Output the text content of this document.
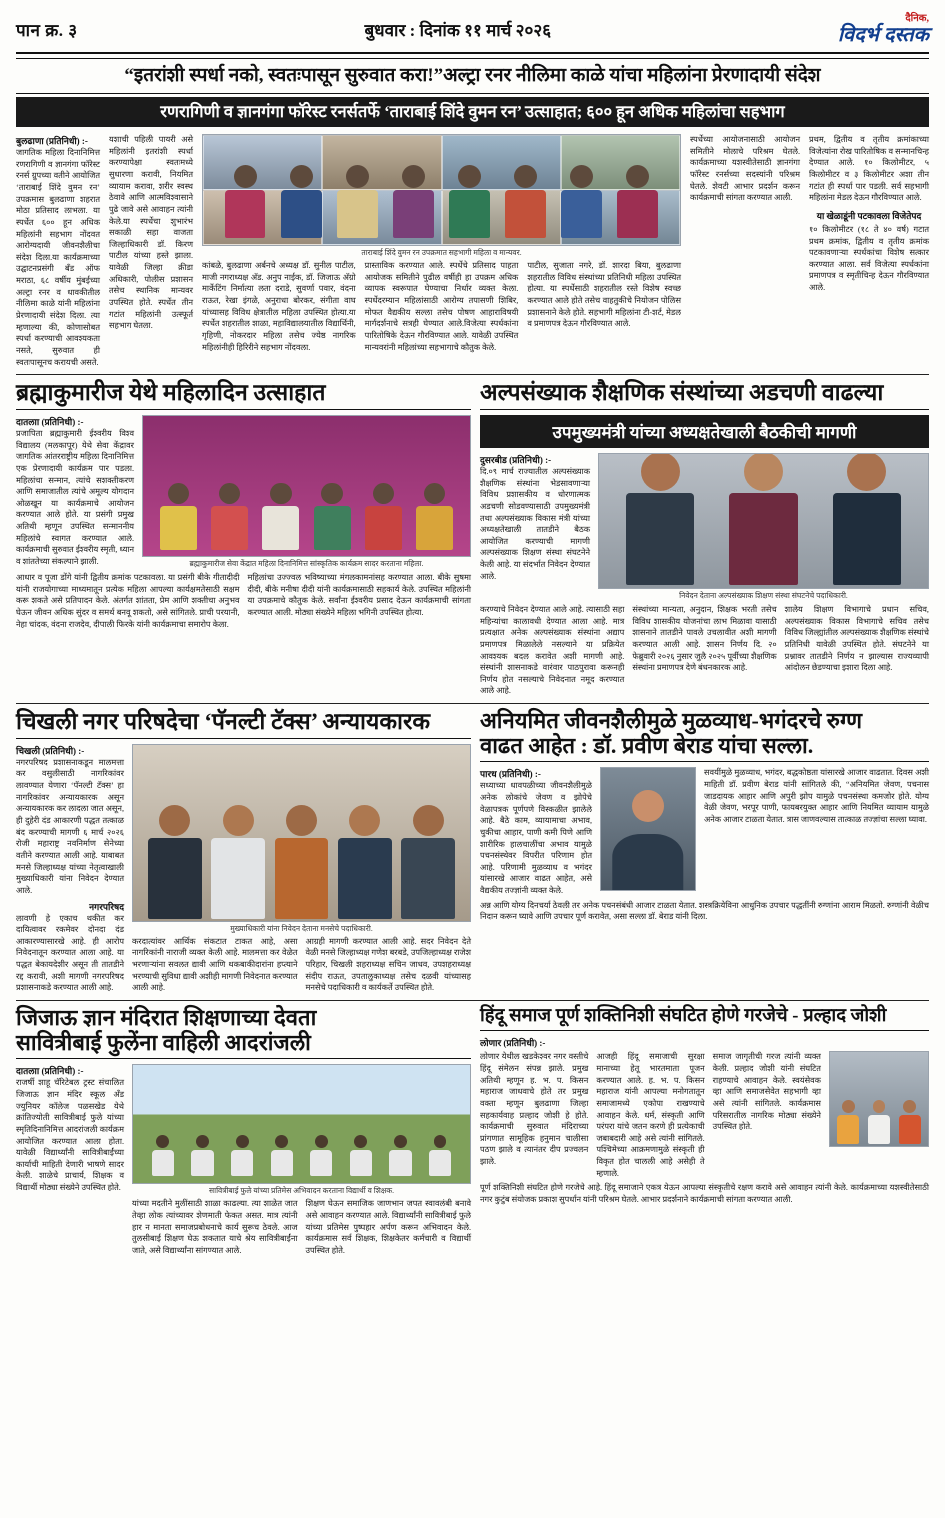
पान क्र. ३	बुधवार : दिनांक ११ मार्च २०२६
दैनिक,
विदर्भ दस्तक
“इतरांशी स्पर्धा नको, स्वतःपासून सुरुवात करा!”अल्ट्रा रनर नीलिमा काळे यांचा महिलांना प्रेरणादायी संदेश
रणरागिणी व ज्ञानगंगा फॉरेस्ट रनर्सतर्फे ‘ताराबाई शिंदे वुमन रन’ उत्साहात; ६०० हून अधिक महिलांचा सहभाग
बुलढाणा (प्रतिनिधी) :-
जागतिक महिला दिनानिमित्त रणरागिणी व ज्ञानगंगा फॉरेस्ट रनर्स ग्रुपच्या वतीने आयोजित ‘ताराबाई शिंदे वुमन रन’ उपक्रमास बुलढाणा शहरात मोठा प्रतिसाद लाभला. या स्पर्धेत ६०० हून अधिक महिलांनी सहभाग नोंदवत आरोग्यदायी जीवनशैलीचा संदेश दिला.या कार्यक्रमाच्या उद्घाटनप्रसंगी बँड ऑफ मराठा, ६८ वर्षीय मुंबईच्या अल्ट्रा रनर व धावकीतील नीलिमा काळे यांनी महिलांना प्रेरणादायी संदेश दिला. त्या म्हणाल्या की, कोणासोबत स्पर्धा करण्याची आवश्यकता नसते, सुरुवात ही स्वतःपासूनच करायची असते.
यशाची पहिली पायरी असे महिलांनी इतरांशी स्पर्धा करण्यापेक्षा स्वतःमध्ये सुधारणा करावी, नियमित व्यायाम करावा, शरीर स्वस्थ ठेवावे आणि आत्मविश्वासाने पुढे जावे असे आवाहन त्यांनी केले.या स्पर्धेचा शुभारंभ सकाळी सहा वाजता जिल्हाधिकारी डॉ. किरण पाटील यांच्या हस्ते झाला. यावेळी जिल्हा क्रीडा अधिकारी, पोलीस प्रशासन तसेच स्थानिक मान्यवर उपस्थित होते. स्पर्धेत तीन गटांत महिलांनी उत्स्फूर्त सहभाग घेतला.
ताराबाई शिंदे वुमन रन उपक्रमात सहभागी महिला व मान्यवर.
कांबळे, बुलढाणा अर्बनचे अध्यक्ष डॉ. सुनील पाटील, माजी नगराध्यक्ष अ‍ॅड. अनुप नाईक, डॉ. जिजाऊ अ‍ॅग्रो मार्केटिंग निर्मात्या लता दराडे, सुवर्णा पवार, वंदना राऊत, रेखा इंगळे, अनुराधा बोरकर, संगीता वाघ यांच्यासह विविध क्षेत्रातील महिला उपस्थित होत्या.या स्पर्धेत शहरातील शाळा, महाविद्यालयातील विद्यार्थिनी, गृहिणी, नोकरदार महिला तसेच ज्येष्ठ नागरिक महिलांनीही हिरिरीने सहभाग नोंदवला.
प्रास्ताविक करण्यात आले. स्पर्धेचे प्रतिसाद पाहता आयोजक समितीने पुढील वर्षीही हा उपक्रम अधिक व्यापक स्वरूपात घेण्याचा निर्धार व्यक्त केला. स्पर्धेदरम्यान महिलांसाठी आरोग्य तपासणी शिबिर, मोफत वैद्यकीय सल्ला तसेच पोषण आहाराविषयी मार्गदर्शनाचे सत्रही घेण्यात आले.विजेत्या स्पर्धकांना पारितोषिके देऊन गौरविण्यात आले. यावेळी उपस्थित मान्यवरांनी महिलांच्या सहभागाचे कौतुक केले.
पाटील, सुजाता नगरे, डॉ. शारदा बिया, बुलढाणा शहरातील विविध संस्थांच्या प्रतिनिधी महिला उपस्थित होत्या. या स्पर्धेसाठी शहरातील रस्ते विशेष स्वच्छ करण्यात आले होते तसेच वाहतुकीचे नियोजन पोलिस प्रशासनाने केले होते. सहभागी महिलांना टी-शर्ट, मेडल व प्रमाणपत्र देऊन गौरविण्यात आले.
स्पर्धेच्या आयोजनासाठी आयोजन समितीने मोलाचे परिश्रम घेतले. कार्यक्रमाच्या यशस्वीतेसाठी ज्ञानगंगा फॉरेस्ट रनर्सच्या सदस्यांनी परिश्रम घेतले. शेवटी आभार प्रदर्शन करून कार्यक्रमाची सांगता करण्यात आली.
प्रथम, द्वितीय व तृतीय क्रमांकाच्या विजेत्यांना रोख पारितोषिक व सन्मानचिन्ह देण्यात आले. १० किलोमीटर, ५ किलोमीटर व ३ किलोमीटर अशा तीन गटांत ही स्पर्धा पार पडली. सर्व सहभागी महिलांना मेडल देऊन गौरविण्यात आले.
या खेळाडूंनी पटकावला विजेतेपद
१० किलोमीटर (१८ ते ४० वर्ष) गटात प्रथम क्रमांक, द्वितीय व तृतीय क्रमांक पटकावणाऱ्या स्पर्धकांचा विशेष सत्कार करण्यात आला. सर्व विजेत्या स्पर्धकांना प्रमाणपत्र व स्मृतीचिन्ह देऊन गौरविण्यात आले.
ब्रह्माकुमारीज येथे महिलादिन उत्साहात
दातलाा (प्रतिनिधी) :-
प्रजापिता ब्रह्माकुमारी ईश्वरीय विश्व विद्यालय (मलकापूर) येथे सेवा केंद्रावर जागतिक आंतरराष्ट्रीय महिला दिनानिमित्त एक प्रेरणादायी कार्यक्रम पार पडला. महिलांचा सन्मान, त्यांचे सशक्तीकरण आणि समाजातील त्यांचे अमूल्य योगदान ओळखून या कार्यक्रमाचे आयोजन करण्यात आले होते. या प्रसंगी प्रमुख अतिथी म्हणून उपस्थित सन्माननीय महिलांचे स्वागत करण्यात आले. कार्यक्रमाची सुरुवात ईश्वरीय स्मृती, ध्यान व शांततेच्या संकल्पाने झाली.	ब्रह्माकुमारीज सेवा केंद्रात महिला दिनानिमित्त सांस्कृतिक कार्यक्रम सादर करताना महिला.
आधार व पूजा डोंगे यांनी द्वितीय क्रमांक पटकावला. या प्रसंगी बीके गीतादीदी यांनी राजयोगाच्या माध्यमातून प्रत्येक महिला आपल्या कार्यक्षमतेसाठी सक्षम करू शकते असे प्रतिपादन केले. अंतर्गत शांतता, प्रेम आणि शक्तीचा अनुभव घेऊन जीवन अधिक सुंदर व समर्थ बनवू शकतो, असे सांगितले. प्राची परयानी, नेहा चांदक, वंदना राजदेव, दीपाली फिरके यांनी कार्यक्रमाचा समारोप केला.
महिलांचा उज्ज्वल भविष्याच्या मंगलकामनांसह करण्यात आला. बीके सुषमा दीदी, बीके मनीषा दीदी यांनी कार्यक्रमासाठी सहकार्य केले. उपस्थित महिलांनी या उपक्रमाचे कौतुक केले. सर्वांना ईश्वरीय प्रसाद देऊन कार्यक्रमाची सांगता करण्यात आली. मोठ्या संख्येने महिला भगिनी उपस्थित होत्या.
अल्पसंख्याक शैक्षणिक संस्थांच्या अडचणी वाढल्या
उपमुख्यमंत्री यांच्या अध्यक्षतेखाली बैठकीची मागणी
दुसरबीड (प्रतिनिधी) :-
दि.०९ मार्च राज्यातील अल्पसंख्याक शैक्षणिक संस्थांना भेडसावणाऱ्या विविध प्रशासकीय व धोरणात्मक अडचणी सोडवण्यासाठी उपमुख्यमंत्री तथा अल्पसंख्याक विकास मंत्री यांच्या अध्यक्षतेखाली तातडीने बैठक आयोजित करण्याची मागणी अल्पसंख्याक शिक्षण संस्था संघटनेने केली आहे. या संदर्भात निवेदन देण्यात आले.
निवेदन देताना अल्पसंख्याक शिक्षण संस्था संघटनेचे पदाधिकारी.
करण्याचे निवेदन देण्यात आले आहे. त्यासाठी सहा महिन्यांचा कालावधी देण्यात आला आहे. मात्र प्रत्यक्षात अनेक अल्पसंख्याक संस्थांना अद्याप प्रमाणपत्र मिळालेले नसल्याने या प्रक्रियेत आवश्यक बदल करावेत अशी मागणी आहे. संस्थांनी शासनाकडे वारंवार पाठपुरावा करूनही निर्णय होत नसल्याचे निवेदनात नमूद करण्यात आले आहे.
संस्थांच्या मान्यता, अनुदान, शिक्षक भरती तसेच विविध शासकीय योजनांचा लाभ मिळावा यासाठी शासनाने तातडीने पावले उचलावीत अशी मागणी करण्यात आली आहे. शासन निर्णय दि. २० फेब्रुवारी २०२६ नुसार जुलै २०२५ पूर्वीच्या शैक्षणिक संस्थांना प्रमाणपत्र देणे बंधनकारक आहे.
शालेय शिक्षण विभागाचे प्रधान सचिव, अल्पसंख्याक विकास विभागाचे सचिव तसेच विविध जिल्ह्यांतील अल्पसंख्याक शैक्षणिक संस्थांचे प्रतिनिधी यावेळी उपस्थित होते. संघटनेने या प्रश्नावर तातडीने निर्णय न झाल्यास राज्यव्यापी आंदोलन छेडण्याचा इशारा दिला आहे.
चिखली नगर परिषदेचा ‘पॅनल्टी टॅक्स’ अन्यायकारक
चिखली (प्रतिनिधी) :-
नगरपरिषद प्रशासनाकडून मालमत्ता कर वसुलीसाठी नागरिकांवर लावण्यात येणारा ‘पॅनल्टी टॅक्स’ हा नागरिकांवर अन्यायकारक असून अन्यायकारक कर लादला जात असून, ही दुहेरी दंड आकारणी पद्धत तत्काळ बंद करण्याची मागणी ६ मार्च २०२६ रोजी महाराष्ट्र नवनिर्माण सेनेच्या वतीने करण्यात आली आहे. याबाबत मनसे जिल्हाध्यक्ष यांच्या नेतृत्वाखाली मुख्याधिकारी यांना निवेदन देण्यात आले.
नगरपरिषद
लावणी हे एकाच थकीत कर दायित्वावर रकमेवर दोनदा दंड आकारण्यासारखे आहे. ही आरोप निवेदनातून करण्यात आला आहे. या पद्धत बेकायदेशीर असून ती तातडीने रद्द करावी, अशी मागणी नगरपरिषद प्रशासनाकडे करण्यात आली आहे.
मुख्याधिकारी यांना निवेदन देताना मनसेचे पदाधिकारी.
करदात्यांवर आर्थिक संकटात टाकत आहे, असा नागरिकांनी नाराजी व्यक्त केली आहे. मालमत्ता कर वेळेत भरणाऱ्यांना सवलत द्यावी आणि थकबाकीदारांना हप्त्याने भरण्याची सुविधा द्यावी अशीही मागणी निवेदनात करण्यात आली आहे.
आग्रही मागणी करण्यात आली आहे. सदर निवेदन देते वेळी मनसे जिल्हाध्यक्ष गणेश बरबडे, उपजिल्हाध्यक्ष राजेश परिहार, चिखली शहराध्यक्ष सचिन जाधव, उपशहराध्यक्ष संदीप राऊत, उपतालुकाध्यक्ष तसेच दळवी यांच्यासह मनसेचे पदाधिकारी व कार्यकर्ते उपस्थित होते.
अनियमित जीवनशैलीमुळे मुळव्याध-भगंदरचे रुग्ण
वाढत आहेत : डॉ. प्रवीण बेराड यांचा सल्ला.
पारध (प्रतिनिधी) :-
सध्याच्या धावपळीच्या जीवनशैलीमुळे अनेक लोकांचे जेवण व झोपेचे वेळापत्रक पूर्णपणे विस्कळीत झालेले आहे. बैठे काम, व्यायामाचा अभाव, चुकीचा आहार, पाणी कमी पिणे आणि शारीरिक हालचालींचा अभाव यामुळे पचनसंस्थेवर विपरीत परिणाम होत आहे. परिणामी मुळव्याध व भगंदर यांसारखे आजार वाढत आहेत, असे वैद्यकीय तज्ज्ञांनी व्यक्त केले.
सवयींमुळे मुळव्याध, भगंदर, बद्धकोष्ठता यांसारखे आजार वाढतात. दिवस अशी माहिती डॉ. प्रवीण बेराड यांनी सांगितले की, “अनियमित जेवण, पचनास जाडदायक आहार आणि अपुरी झोप यामुळे पचनसंस्था कमजोर होते. योग्य वेळी जेवण, भरपूर पाणी, फायबरयुक्त आहार आणि नियमित व्यायाम यामुळे अनेक आजार टाळता येतात. त्रास जाणवल्यास तात्काळ तज्ज्ञांचा सल्ला घ्यावा.
अन्न आणि योग्य दिनचर्या ठेवली तर अनेक पचनसंबंधी आजार टाळता येतात. शस्त्रक्रियेविना आधुनिक उपचार पद्धतींनी रुग्णांना आराम मिळतो. रुग्णांनी वेळीच निदान करून घ्यावे आणि उपचार पूर्ण करावेत, असा सल्ला डॉ. बेराड यांनी दिला.
जिजाऊ ज्ञान मंदिरात शिक्षणाच्या देवता
सावित्रीबाई फुलेंना वाहिली आदरांजली
दातलाा (प्रतिनिधी) :-
राजर्षी शाहू चॅरिटेबल ट्रस्ट संचालित जिजाऊ ज्ञान मंदिर स्कूल अँड ज्युनियर कॉलेज पळसखेड येथे क्रांतिज्योती सावित्रीबाई फुले यांच्या स्मृतिदिनानिमित्त आदरांजली कार्यक्रम आयोजित करण्यात आला होता. यावेळी विद्यार्थ्यांनी सावित्रीबाईंच्या कार्याची माहिती देणारी भाषणे सादर केली. शाळेचे प्राचार्य, शिक्षक व विद्यार्थी मोठ्या संख्येने उपस्थित होते.	सावित्रीबाई फुले यांच्या प्रतिमेस अभिवादन करताना विद्यार्थी व शिक्षक.
यांच्या मदतीने मुलींसाठी शाळा काढल्या. त्या शाळेत जात तेव्हा लोक त्यांच्यावर शेणमाती फेकत असत. मात्र त्यांनी हार न मानता समाजप्रबोधनाचे कार्य सुरूच ठेवले. आज तुलसीबाई शिक्षण घेऊ शकतात याचे श्रेय सावित्रीबाईंना जाते, असे विद्यार्थ्यांना सांगण्यात आले.
शिक्षण घेऊन समाजिक जाणभान जपत स्वावलंबी बनावे असे आवाहन करण्यात आले. विद्यार्थ्यांनी सावित्रीबाई फुले यांच्या प्रतिमेस पुष्पहार अर्पण करून अभिवादन केले. कार्यक्रमास सर्व शिक्षक, शिक्षकेतर कर्मचारी व विद्यार्थी उपस्थित होते.
हिंदू समाज पूर्ण शक्तिनिशी संघटित होणे गरजेचे - प्रल्हाद जोशी
लोणार (प्रतिनिधी) :-
लोणार येथील खडकेश्वर नगर वस्तीचे हिंदू संमेलन संपन्न झाले. प्रमुख अतिथी म्हणून ह. भ. प. किसन महाराज जाधवाचे होते तर प्रमुख वक्ता म्हणून बुलढाणा जिल्हा सहकार्यवाह प्रल्हाद जोशी हे होते. कार्यक्रमाची सुरुवात मंदिराच्या प्रांगणात सामूहिक हनुमान चालीसा पठण झाले व त्यानंतर दीप प्रज्वलन झाले.
आजही हिंदू समाजाची सुरक्षा मानाच्या हेतू भारतमाता पूजन करण्यात आले. ह. भ. प. किसन महाराज यांनी आपल्या मनोगतातून समाजामध्ये एकोपा राखण्याचे आवाहन केले. धर्म, संस्कृती आणि परंपरा यांचे जतन करणे ही प्रत्येकाची जबाबदारी आहे असे त्यांनी सांगितले. पश्चिमेच्या आक्रमणामुळे संस्कृती ही विकृत होत चालली आहे असेही ते म्हणाले.
समाज जागृतीची गरज त्यांनी व्यक्त केली. प्रल्हाद जोशी यांनी संघटित राहण्याचे आवाहन केले. स्वयंसेवक व्हा आणि समाजसेवेत सहभागी व्हा असे त्यांनी सांगितले. कार्यक्रमास परिसरातील नागरिक मोठ्या संख्येने उपस्थित होते.
पूर्ण शक्तिनिशी संघटित होणे गरजेचे आहे. हिंदू समाजाने एकत्र येऊन आपल्या संस्कृतीचे रक्षण करावे असे आवाहन त्यांनी केले. कार्यक्रमाच्या यशस्वीतेसाठी नगर कुटुंब संयोजक प्रकाश सुपर्धान यांनी परिश्रम घेतले. आभार प्रदर्शनाने कार्यक्रमाची सांगता करण्यात आली.
